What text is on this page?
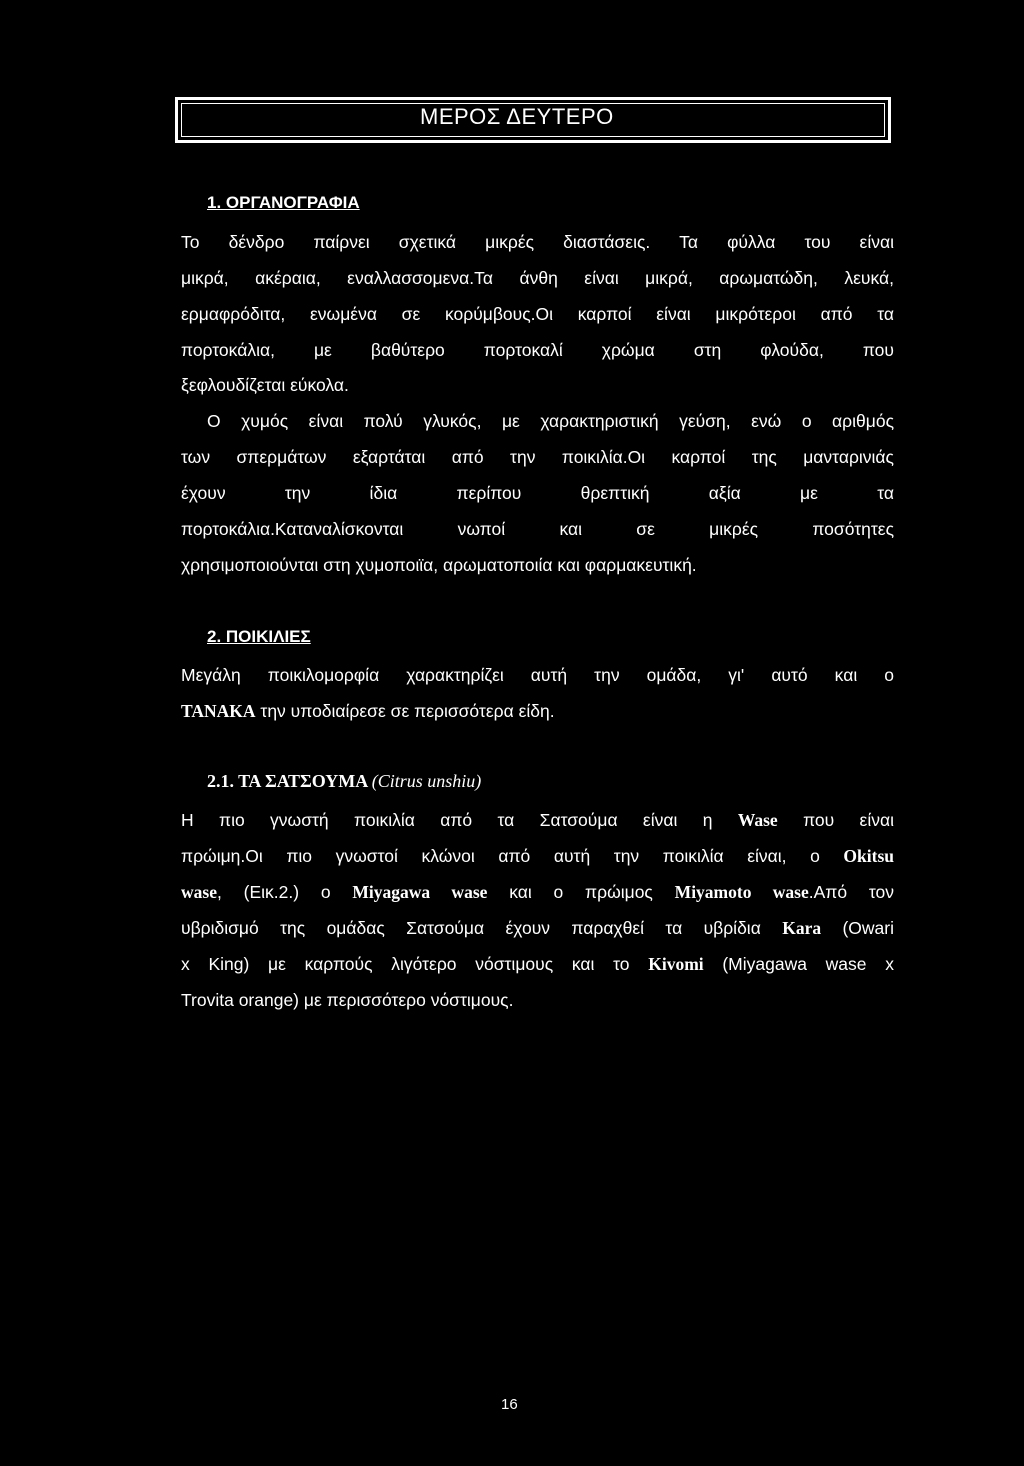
ΜΕΡΟΣ ΔΕΥΤΕΡΟ
1. ΟΡΓΑΝΟΓΡΑΦΙΑ
Το δένδρο παίρνει σχετικά μικρές διαστάσεις. Τα φύλλα του είναι
μικρά, ακέραια, εναλλασσομενα.Τα άνθη είναι μικρά, αρωματώδη, λευκά,
ερμαφρόδιτα, ενωμένα σε κορύμβους.Οι καρποί είναι μικρότεροι από τα
πορτοκάλια, με βαθύτερο πορτοκαλί χρώμα στη φλούδα, που
ξεφλουδίζεται εύκολα.
Ο χυμός είναι πολύ γλυκός, με χαρακτηριστική γεύση, ενώ ο αριθμός
των σπερμάτων εξαρτάται από την ποικιλία.Οι καρποί της μανταρινιάς
έχουν την ίδια περίπου θρεπτική αξία με τα
πορτοκάλια.Καταναλίσκονται νωποί και σε μικρές ποσότητες
χρησιμοποιούνται στη χυμοποιϊα, αρωματοποιία και φαρμακευτική.
2. ΠΟΙΚΙΛΙΕΣ
Μεγάλη ποικιλομορφία χαρακτηρίζει αυτή την ομάδα, γι' αυτό και ο
TANAKA την υποδιαίρεσε σε περισσότερα είδη.
2.1. ΤΑ ΣΑΤΣΟΥΜΑ (Citrus unshiu)
Η πιο γνωστή ποικιλία από τα Σατσούμα είναι η Wase που είναι
πρώιμη.Οι πιο γνωστοί κλώνοι από αυτή την ποικιλία είναι, ο Okitsu
wase, (Εικ.2.) ο Miyagawa wase και ο πρώιμος Miyamoto wase.Από τον
υβριδισμό της ομάδας Σατσούμα έχουν παραχθεί τα υβρίδια Kara (Owari
x King) με καρπούς λιγότερο νόστιμους και το Kivomi (Miyagawa wase x
Trovita orange) με περισσότερο νόστιμους.
16
